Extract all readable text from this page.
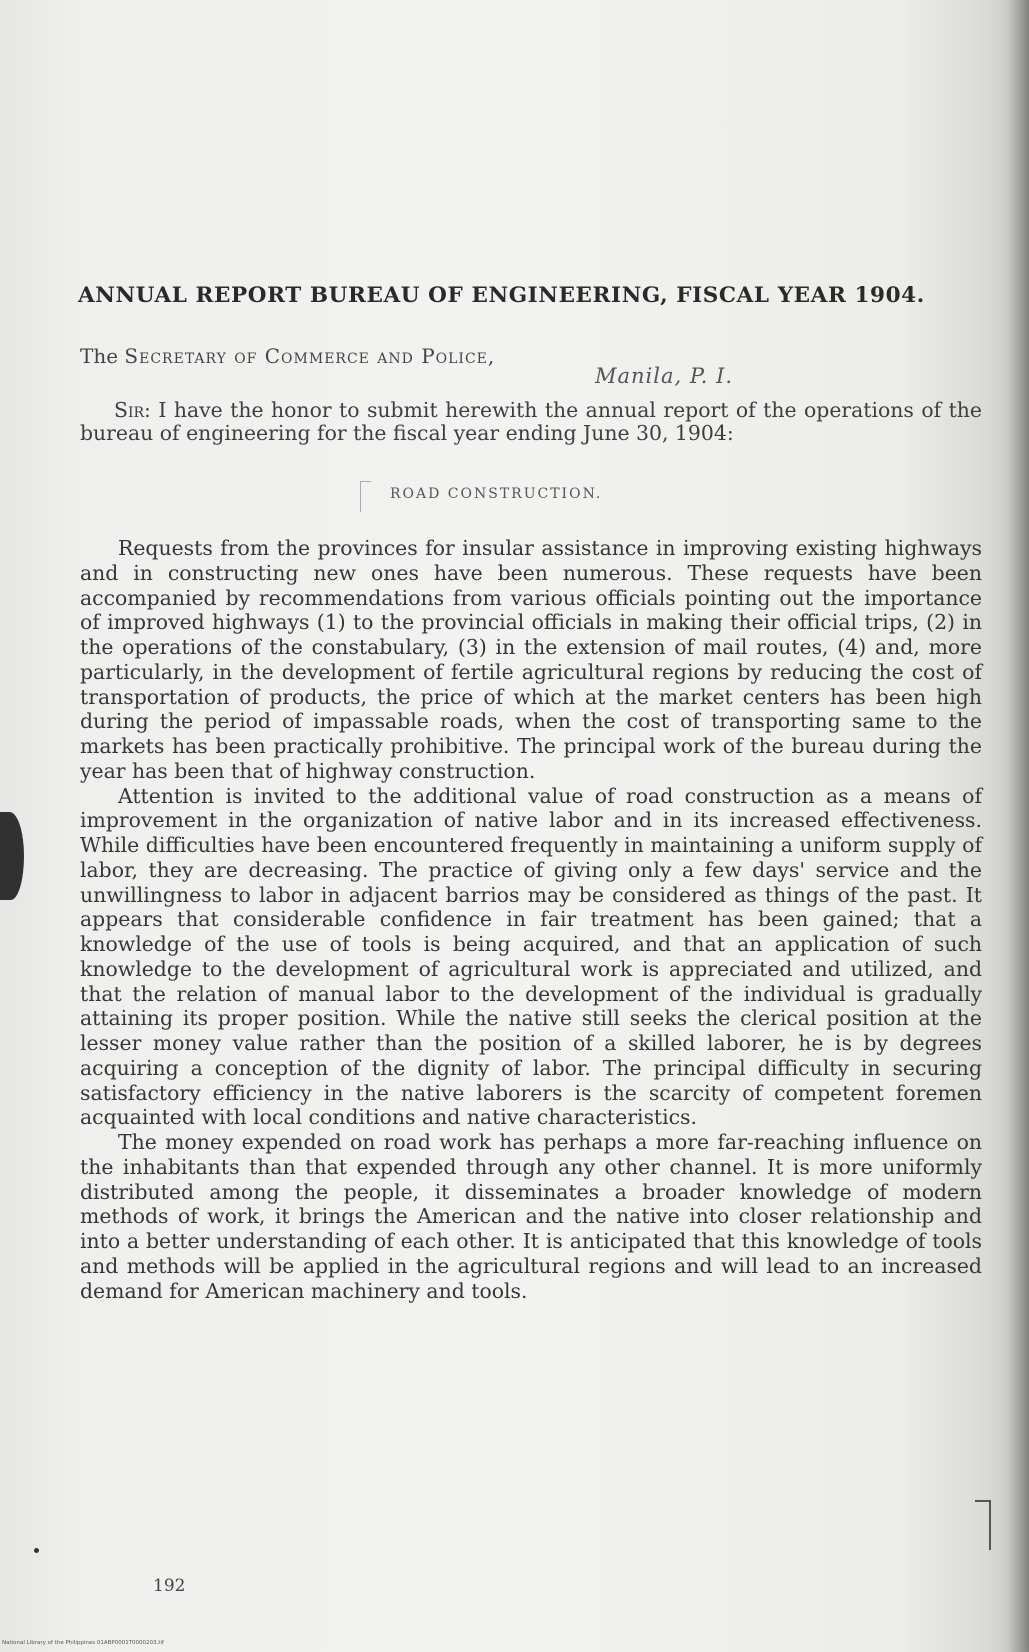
ANNUAL REPORT BUREAU OF ENGINEERING, FISCAL YEAR 1904.
The Secretary of Commerce and Police,
Manila, P. I.
Sir: I have the honor to submit herewith the annual report of the operations of the bureau of engineering for the fiscal year ending June 30, 1904:
ROAD CONSTRUCTION.

Requests from the provinces for insular assistance in improving existing highways and in constructing new ones have been numerous. These requests have been accompanied by recommendations from various officials pointing out the importance of improved highways (1) to the provincial officials in making their official trips, (2) in the operations of the constabulary, (3) in the extension of mail routes, (4) and, more particularly, in the development of fertile agricultural regions by reducing the cost of transportation of products, the price of which at the market centers has been high during the period of impassable roads, when the cost of transporting same to the markets has been practically prohibitive. The principal work of the bureau during the year has been that of highway construction.

Attention is invited to the additional value of road construction as a means of improvement in the organization of native labor and in its increased effectiveness. While difficulties have been encountered frequently in maintaining a uniform supply of labor, they are decreasing. The practice of giving only a few days' service and the unwillingness to labor in adjacent barrios may be considered as things of the past. It appears that considerable confidence in fair treatment has been gained; that a knowledge of the use of tools is being acquired, and that an application of such knowledge to the development of agricultural work is appreciated and utilized, and that the relation of manual labor to the development of the individual is gradually attaining its proper position. While the native still seeks the clerical position at the lesser money value rather than the position of a skilled laborer, he is by degrees acquiring a conception of the dignity of labor. The principal difficulty in securing satisfactory efficiency in the native laborers is the scarcity of competent foremen acquainted with local conditions and native characteristics.

The money expended on road work has perhaps a more far-reaching influence on the inhabitants than that expended through any other channel. It is more uniformly distributed among the people, it disseminates a broader knowledge of modern methods of work, it brings the American and the native into closer relationship and into a better understanding of each other. It is anticipated that this knowledge of tools and methods will be applied in the agricultural regions and will lead to an increased demand for American machinery and tools.

192
National Library of the Philippines 01ABP0001T0000203.tif
